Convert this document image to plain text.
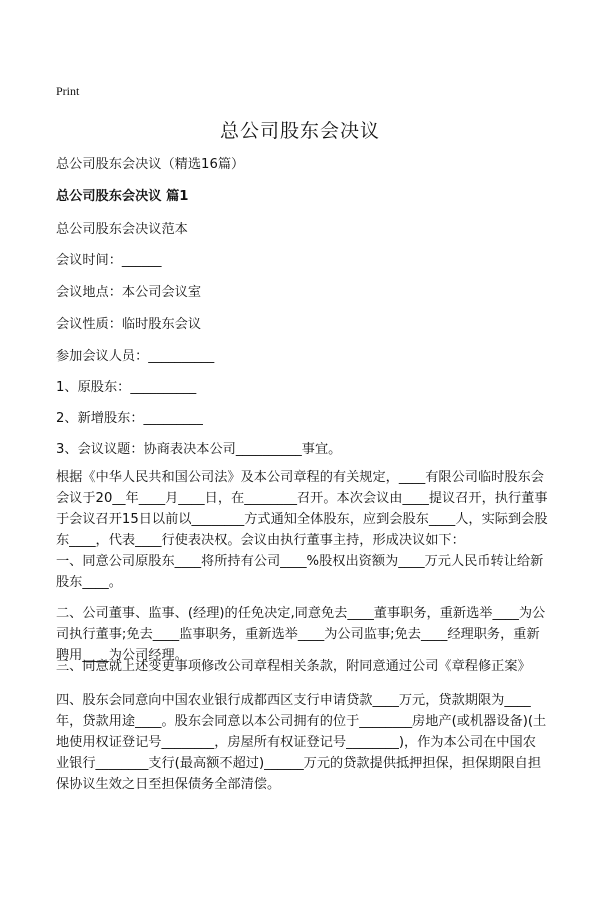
Print
总公司股东会决议
总公司股东会决议（精选16篇）
总公司股东会决议 篇1
总公司股东会决议范本
会议时间：______
会议地点：本公司会议室
会议性质：临时股东会议
参加会议人员：__________
1、原股东：__________
2、新增股东：_________
3、会议议题：协商表决本公司__________事宜。
根据《中华人民共和国公司法》及本公司章程的有关规定，____有限公司临时股东会会议于20__年____月____日，在________召开。本次会议由____提议召开，执行董事于会议召开15日以前以________方式通知全体股东，应到会股东____人，实际到会股东____，代表____行使表决权。会议由执行董事主持，形成决议如下：
一、同意公司原股东____将所持有公司____%股权出资额为____万元人民币转让给新股东____。
二、公司董事、监事、(经理)的任免决定,同意免去____董事职务，重新选举____为公司执行董事;免去____监事职务，重新选举____为公司监事;免去____经理职务，重新聘用____为公司经理。
三、同意就上述变更事项修改公司章程相关条款，附同意通过公司《章程修正案》
四、股东会同意向中国农业银行成都西区支行申请贷款____万元，贷款期限为____年，贷款用途____。股东会同意以本公司拥有的位于________房地产(或机器设备)(土地使用权证登记号________，房屋所有权证登记号________)，作为本公司在中国农业银行________支行(最高额不超过)______万元的贷款提供抵押担保，担保期限自担保协议生效之日至担保债务全部清偿。
